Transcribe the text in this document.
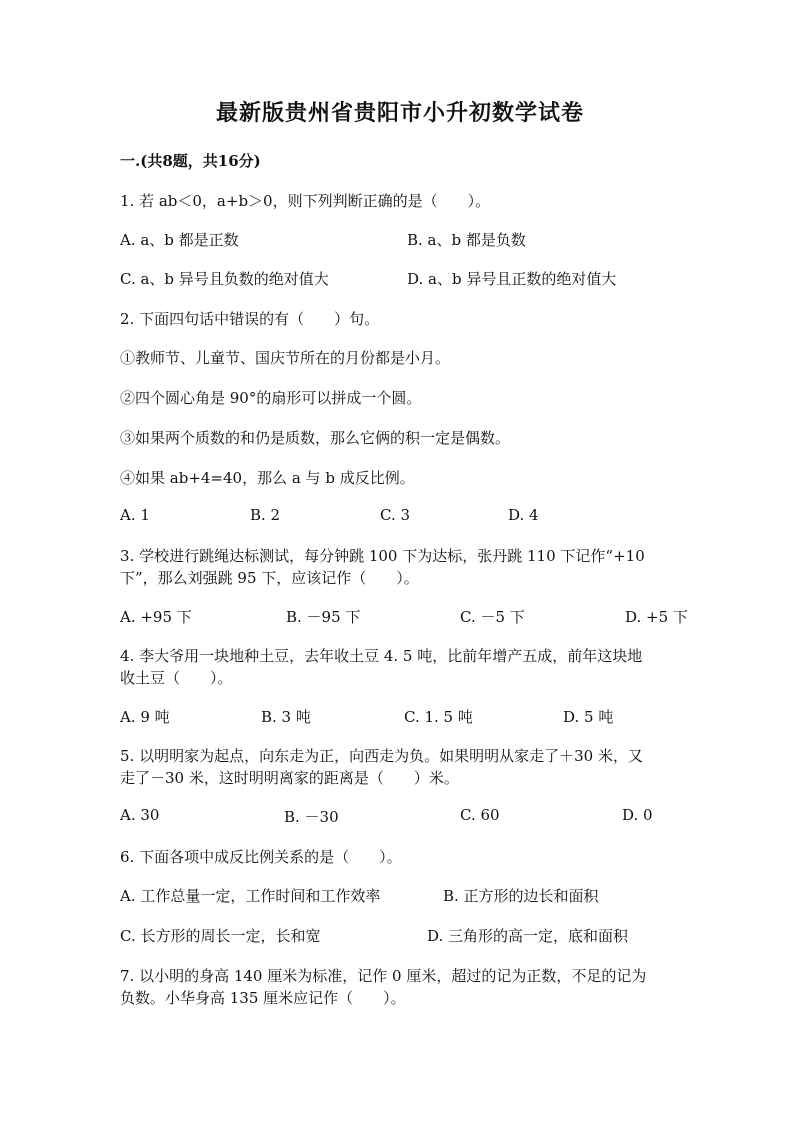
最新版贵州省贵阳市小升初数学试卷
一.(共8题，共16分)
1. 若 ab＜0，a+b＞0，则下列判断正确的是（　　）。
A. a、b 都是正数	B. a、b 都是负数
C. a、b 异号且负数的绝对值大	D. a、b 异号且正数的绝对值大
2. 下面四句话中错误的有（　　）句。
①教师节、儿童节、国庆节所在的月份都是小月。
②四个圆心角是 90°的扇形可以拼成一个圆。
③如果两个质数的和仍是质数，那么它俩的积一定是偶数。
④如果 ab+4=40，那么 a 与 b 成反比例。
A. 1	B. 2	C. 3	D. 4
3. 学校进行跳绳达标测试，每分钟跳 100 下为达标，张丹跳 110 下记作“+10
下”，那么刘强跳 95 下，应该记作（　　）。
A. +95 下	B. －95 下	C. －5 下	D. +5 下
4. 李大爷用一块地种土豆，去年收土豆 4. 5 吨，比前年增产五成，前年这块地
收土豆（　　）。
A. 9 吨	B. 3 吨	C. 1. 5 吨	D. 5 吨
5. 以明明家为起点，向东走为正，向西走为负。如果明明从家走了＋30 米，又
走了－30 米，这时明明离家的距离是（　　）米。
A. 30	B. －30	C. 60	D. 0
6. 下面各项中成反比例关系的是（　　）。
A. 工作总量一定，工作时间和工作效率	B. 正方形的边长和面积
C. 长方形的周长一定，长和宽	D. 三角形的高一定，底和面积
7. 以小明的身高 140 厘米为标准，记作 0 厘米，超过的记为正数，不足的记为
负数。小华身高 135 厘米应记作（　　）。
